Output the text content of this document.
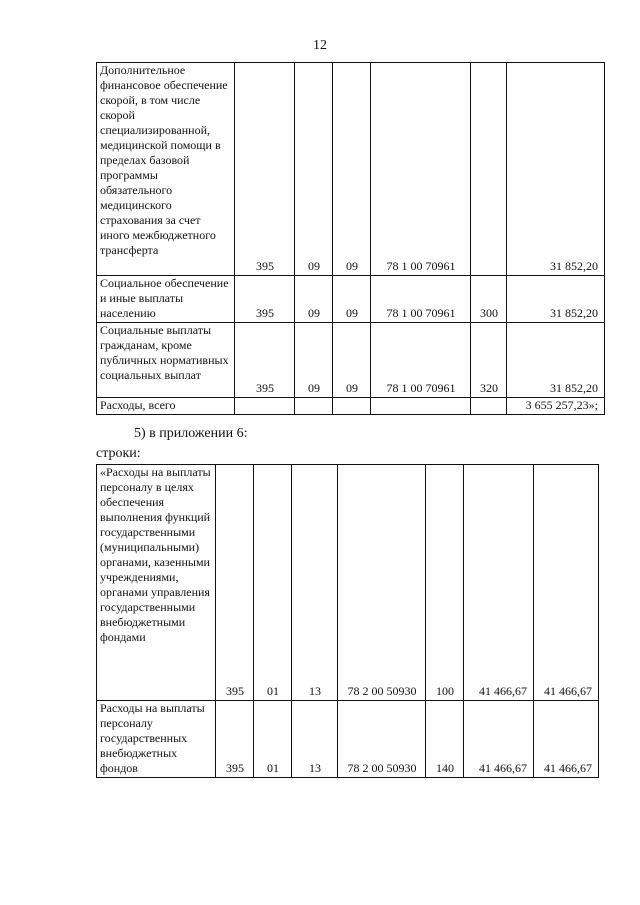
12
Дополнительное финансовое обеспечение скорой, в том числе скорой специализированной, медицинской помощи в пределах базовой программы обязательного медицинского страхования за счет иного межбюджетного трансферта	395	09	09	78 1 00 70961		31 852,20

Социальное обеспечение и иные выплаты населению	395	09	09	78 1 00 70961	300	31 852,20

Социальные выплаты гражданам, кроме публичных нормативных социальных выплат	395	09	09	78 1 00 70961	320	31 852,20

Расходы, всего						3 655 257,23»;
5) в приложении 6:
строки:
«Расходы на выплаты персоналу в целях обеспечения выполнения функций государственными (муниципальными) органами, казенными учреждениями, органами управления государственными внебюджетными фондами	395	01	13	78 2 00 50930	100	41 466,67	41 466,67

Расходы на выплаты персоналу государственных внебюджетных фондов	395	01	13	78 2 00 50930	140	41 466,67	41 466,67
